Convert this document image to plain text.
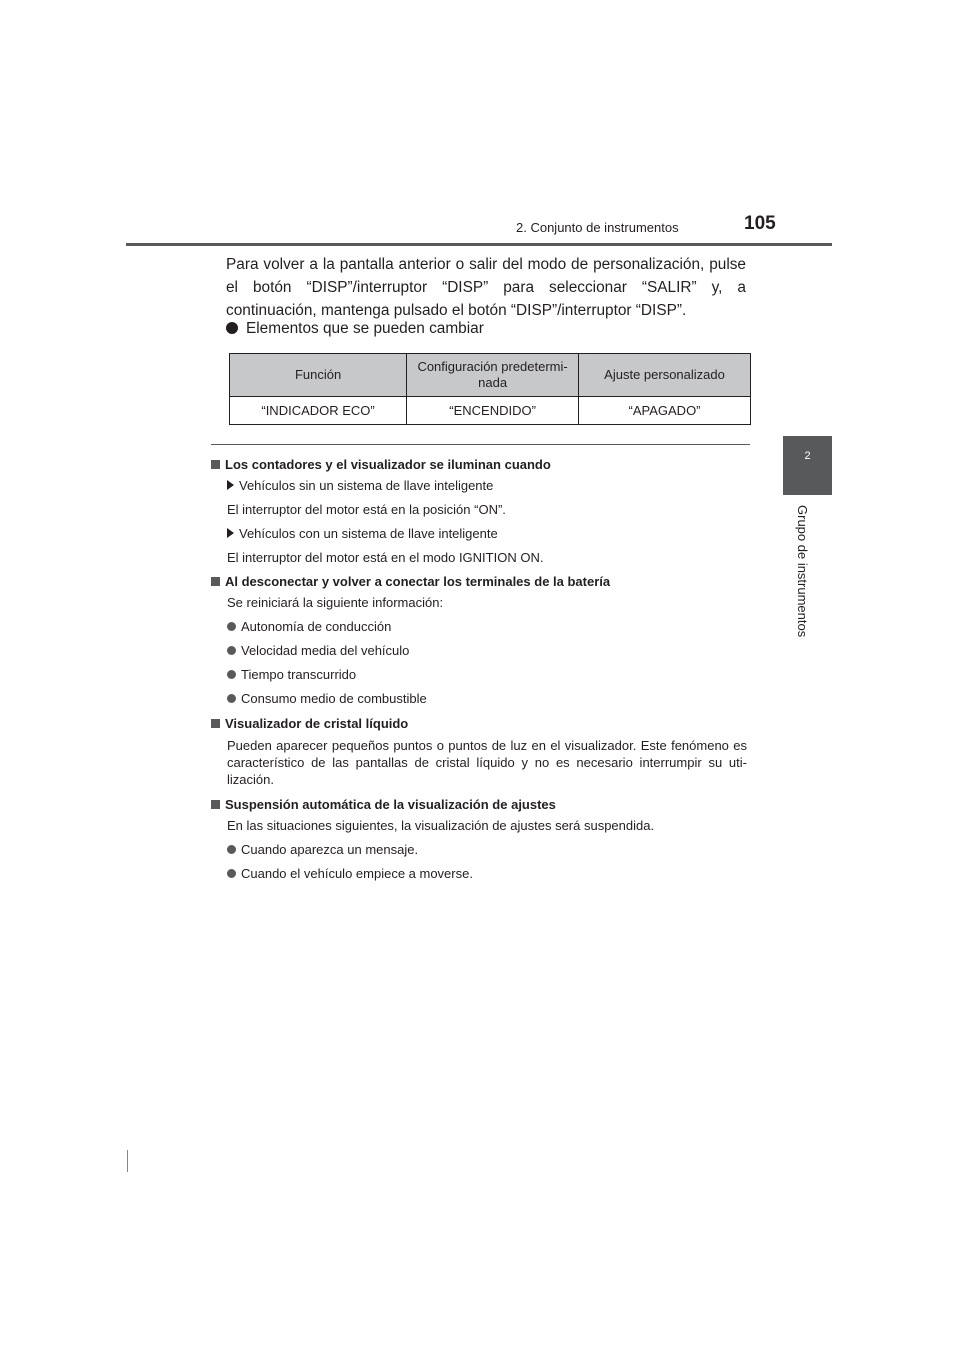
2. Conjunto de instrumentos	105
2
Grupo de instrumentos
Para volver a la pantalla anterior o salir del modo de personalización, pulse el botón “DISP”/interruptor “DISP” para seleccionar “SALIR” y, a continuación, mantenga pulsado el botón “DISP”/interruptor “DISP”.
Elementos que se pueden cambiar
Función	Configuración predetermi-nada	Ajuste personalizado
“INDICADOR ECO”	“ENCENDIDO”	“APAGADO”
Los contadores y el visualizador se iluminan cuando
Vehículos sin un sistema de llave inteligente
El interruptor del motor está en la posición “ON”.
Vehículos con un sistema de llave inteligente
El interruptor del motor está en el modo IGNITION ON.
Al desconectar y volver a conectar los terminales de la batería
Se reiniciará la siguiente información:
Autonomía de conducción
Velocidad media del vehículo
Tiempo transcurrido
Consumo medio de combustible
Visualizador de cristal líquido
Pueden aparecer pequeños puntos o puntos de luz en el visualizador. Este fenómeno es característico de las pantallas de cristal líquido y no es necesario interrumpir su uti-lización.
Suspensión automática de la visualización de ajustes
En las situaciones siguientes, la visualización de ajustes será suspendida.
Cuando aparezca un mensaje.
Cuando el vehículo empiece a moverse.
